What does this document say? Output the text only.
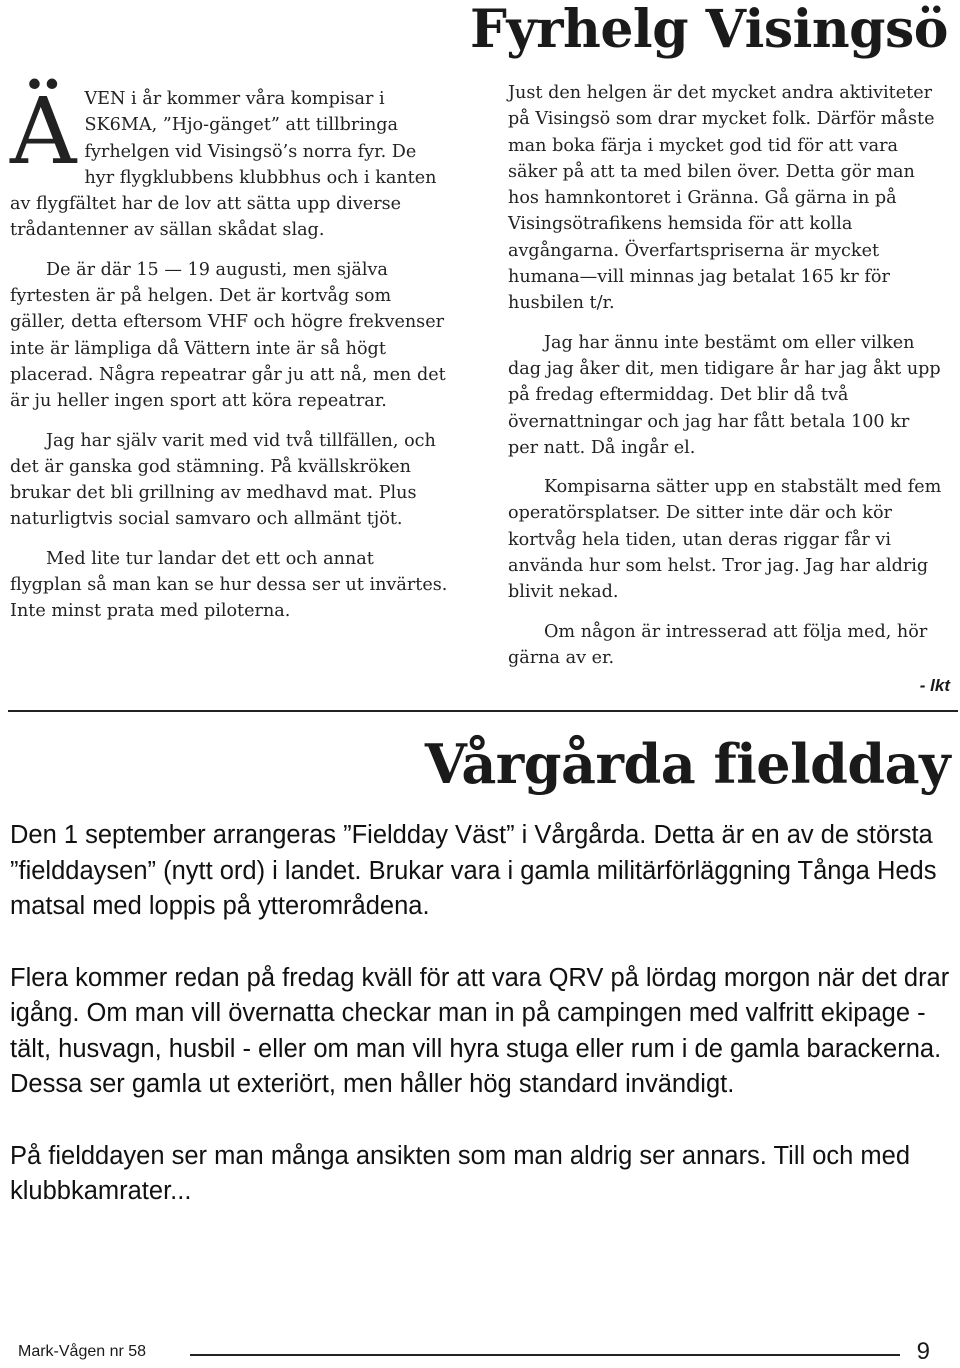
Fyrhelg Visingsö

Ä VEN i år kommer våra kompisar i SK6MA, ”Hjo-gänget” att tillbringa fyrhelgen vid Visingsö’s norra fyr. De hyr flygklubbens klubbhus och i kanten av flygfältet har de lov att sätta upp diverse trådantenner av sällan skådat slag.

De är där 15 — 19 augusti, men själva fyrtesten är på helgen. Det är kortvåg som gäller, detta eftersom VHF och högre frekvenser inte är lämpliga då Vättern inte är så högt placerad. Några repeatrar går ju att nå, men det är ju heller ingen sport att köra repeatrar.

Jag har själv varit med vid två tillfällen, och det är ganska god stämning. På kvällskröken brukar det bli grillning av medhavd mat. Plus naturligtvis social samvaro och allmänt tjöt.

Med lite tur landar det ett och annat flygplan så man kan se hur dessa ser ut invärtes. Inte minst prata med piloterna.

Just den helgen är det mycket andra aktiviteter på Visingsö som drar mycket folk. Därför måste man boka färja i mycket god tid för att vara säker på att ta med bilen över. Detta gör man hos hamnkontoret i Gränna. Gå gärna in på Visingsötrafikens hemsida för att kolla avgångarna. Överfartspriserna är mycket humana—vill minnas jag betalat 165 kr för husbilen t/r.

Jag har ännu inte bestämt om eller vilken dag jag åker dit, men tidigare år har jag åkt upp på fredag eftermiddag. Det blir då två övernattningar och jag har fått betala 100 kr per natt. Då ingår el.

Kompisarna sätter upp en stabstält med fem operatörsplatser. De sitter inte där och kör kortvåg hela tiden, utan deras riggar får vi använda hur som helst. Tror jag. Jag har aldrig blivit nekad.

Om någon är intresserad att följa med, hör gärna av er.

- lkt
Vårgårda fieldday

Den 1 september arrangeras ”Fieldday Väst” i Vårgårda. Detta är en av de största ”fielddaysen” (nytt ord) i landet. Brukar vara i gamla militärförläggning Tånga Heds matsal med loppis på ytterområdena.

Flera kommer redan på fredag kväll för att vara QRV på lördag morgon när det drar igång. Om man vill övernatta checkar man in på campingen med valfritt ekipage - tält, husvagn, husbil - eller om man vill hyra stuga eller rum i de gamla barackerna. Dessa ser gamla ut exteriört, men håller hög standard invändigt.

På fielddayen ser man många ansikten som man aldrig ser annars. Till och med klubbkamrater...

Mark-Vågen nr 58	9
